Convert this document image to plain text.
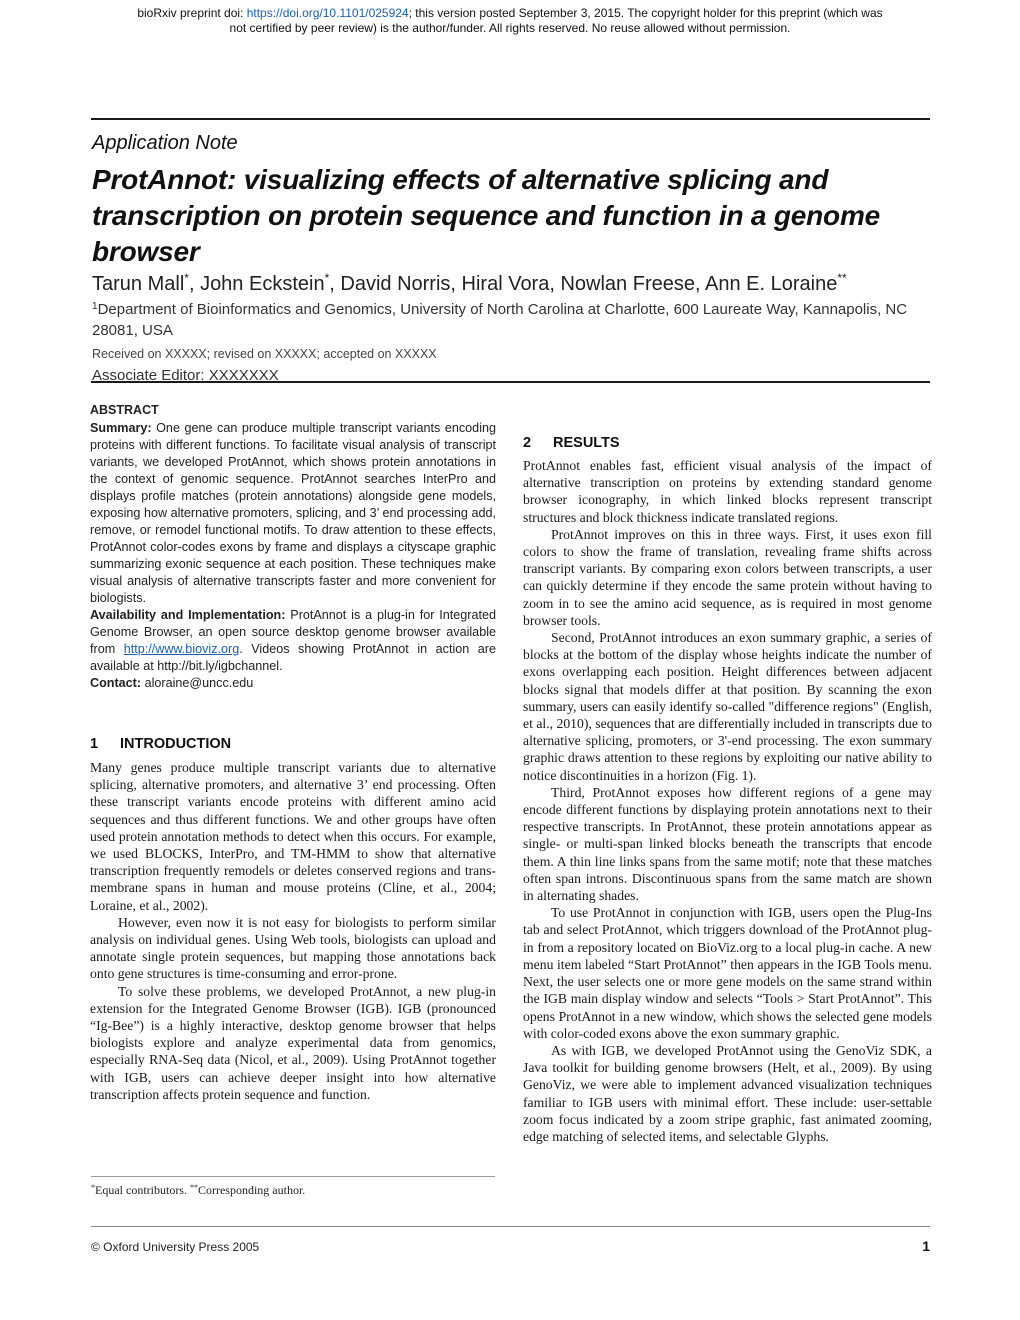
bioRxiv preprint doi: https://doi.org/10.1101/025924; this version posted September 3, 2015. The copyright holder for this preprint (which was
not certified by peer review) is the author/funder. All rights reserved. No reuse allowed without permission.
Application Note
ProtAnnot: visualizing effects of alternative splicing and transcription on protein sequence and function in a genome browser
Tarun Mall*, John Eckstein*, David Norris, Hiral Vora, Nowlan Freese, Ann E. Loraine**
$^1$Department of Bioinformatics and Genomics, University of North Carolina at Charlotte, 600 Laureate Way, Kannapolis, NC 28081, USA
Received on XXXXX; revised on XXXXX; accepted on XXXXX
Associate Editor: XXXXXXX
ABSTRACT
Summary: One gene can produce multiple transcript variants encoding proteins with different functions. To facilitate visual analysis of transcript variants, we developed ProtAnnot, which shows protein annotations in the context of genomic sequence. ProtAnnot searches InterPro and displays profile matches (protein annotations) alongside gene models, exposing how alternative promoters, splicing, and 3’ end processing add, remove, or remodel functional motifs. To draw attention to these effects, ProtAnnot color-codes exons by frame and displays a cityscape graphic summarizing exonic sequence at each position. These techniques make visual analysis of alternative transcripts faster and more convenient for biologists.
Availability and Implementation: ProtAnnot is a plug-in for Integrated Genome Browser, an open source desktop genome browser available from http://www.bioviz.org. Videos showing ProtAnnot in action are available at http://bit.ly/igbchannel.
Contact: aloraine@uncc.edu
1 INTRODUCTION

Many genes produce multiple transcript variants due to alternative splicing, alternative promoters, and alternative 3’ end processing. Often these transcript variants encode proteins with different amino acid sequences and thus different functions. We and other groups have often used protein annotation methods to detect when this occurs. For example, we used BLOCKS, InterPro, and TM-HMM to show that alternative transcription frequently remodels or deletes conserved regions and trans-membrane spans in human and mouse proteins (Cline, et al., 2004; Loraine, et al., 2002).

However, even now it is not easy for biologists to perform similar analysis on individual genes. Using Web tools, biologists can upload and annotate single protein sequences, but mapping those annotations back onto gene structures is time-consuming and error-prone.

To solve these problems, we developed ProtAnnot, a new plug-in extension for the Integrated Genome Browser (IGB). IGB (pronounced “Ig-Bee”) is a highly interactive, desktop genome browser that helps biologists explore and analyze experimental data from genomics, especially RNA-Seq data (Nicol, et al., 2009). Using ProtAnnot together with IGB, users can achieve deeper insight into how alternative transcription affects protein sequence and function.

2 RESULTS

ProtAnnot enables fast, efficient visual analysis of the impact of alternative transcription on proteins by extending standard genome browser iconography, in which linked blocks represent transcript structures and block thickness indicate translated regions.

ProtAnnot improves on this in three ways. First, it uses exon fill colors to show the frame of translation, revealing frame shifts across transcript variants. By comparing exon colors between transcripts, a user can quickly determine if they encode the same protein without having to zoom in to see the amino acid sequence, as is required in most genome browser tools.

Second, ProtAnnot introduces an exon summary graphic, a series of blocks at the bottom of the display whose heights indicate the number of exons overlapping each position. Height differences between adjacent blocks signal that models differ at that position. By scanning the exon summary, users can easily identify so-called "difference regions" (English, et al., 2010), sequences that are differentially included in transcripts due to alternative splicing, promoters, or 3'-end processing. The exon summary graphic draws attention to these regions by exploiting our native ability to notice discontinuities in a horizon (Fig. 1).

Third, ProtAnnot exposes how different regions of a gene may encode different functions by displaying protein annotations next to their respective transcripts. In ProtAnnot, these protein annotations appear as single- or multi-span linked blocks beneath the transcripts that encode them. A thin line links spans from the same motif; note that these matches often span introns. Discontinuous spans from the same match are shown in alternating shades.

To use ProtAnnot in conjunction with IGB, users open the Plug-Ins tab and select ProtAnnot, which triggers download of the ProtAnnot plug-in from a repository located on BioViz.org to a local plug-in cache. A new menu item labeled “Start ProtAnnot” then appears in the IGB Tools menu. Next, the user selects one or more gene models on the same strand within the IGB main display window and selects “Tools > Start ProtAnnot”. This opens ProtAnnot in a new window, which shows the selected gene models with color-coded exons above the exon summary graphic.

As with IGB, we developed ProtAnnot using the GenoViz SDK, a Java toolkit for building genome browsers (Helt, et al., 2009). By using GenoViz, we were able to implement advanced visualization techniques familiar to IGB users with minimal effort. These include: user-settable zoom focus indicated by a zoom stripe graphic, fast animated zooming, edge matching of selected items, and selectable Glyphs.

*Equal contributors. **Corresponding author.
© Oxford University Press 2005	1
